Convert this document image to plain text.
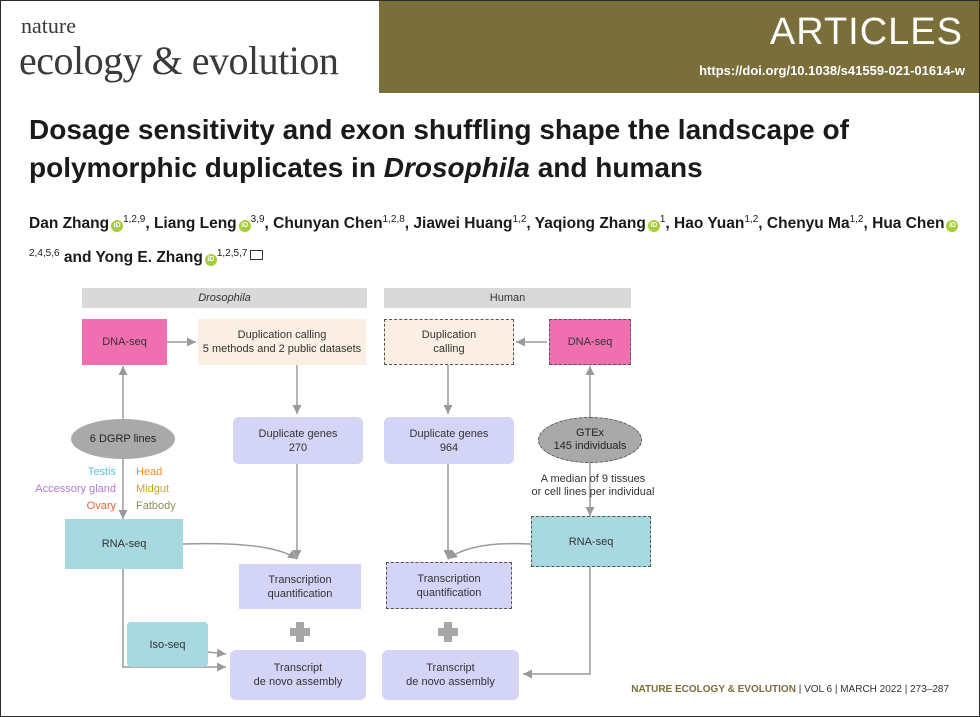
nature
ecology & evolution
ARTICLES
https://doi.org/10.1038/s41559-021-01614-w
Dosage sensitivity and exon shuffling shape the landscape of polymorphic duplicates in Drosophila and humans
Dan Zhang iD$^{1,2,9}$, Liang Leng iD$^{3,9}$, Chunyan Chen$^{1,2,8}$, Jiawei Huang$^{1,2}$, Yaqiong Zhang $iD^1$, Hao Yuan$^{1,2}$, Chenyu Ma$^{1,2}$, Hua Chen iD$^{2,4,5,6}$ and Yong E. Zhang iD$^{1,2,5,7}$
Drosophila	Human
DNA-seq
Duplication calling
5 methods and 2 public datasets
Duplication
calling
DNA-seq
6 DGRP lines	GTEx
145 individuals
Duplicate genes
270
Duplicate genes
964
Testis
Accessory gland
Ovary
Head
Midgut
Fatbody
A median of 9 tissues
or cell lines per individual
RNA-seq	RNA-seq
Transcription
quantification
Transcription
quantification
Iso-seq
Transcript
de novo assembly
Transcript
de novo assembly
NATURE ECOLOGY & EVOLUTION | VOL 6 | MARCH 2022 | 273–287
